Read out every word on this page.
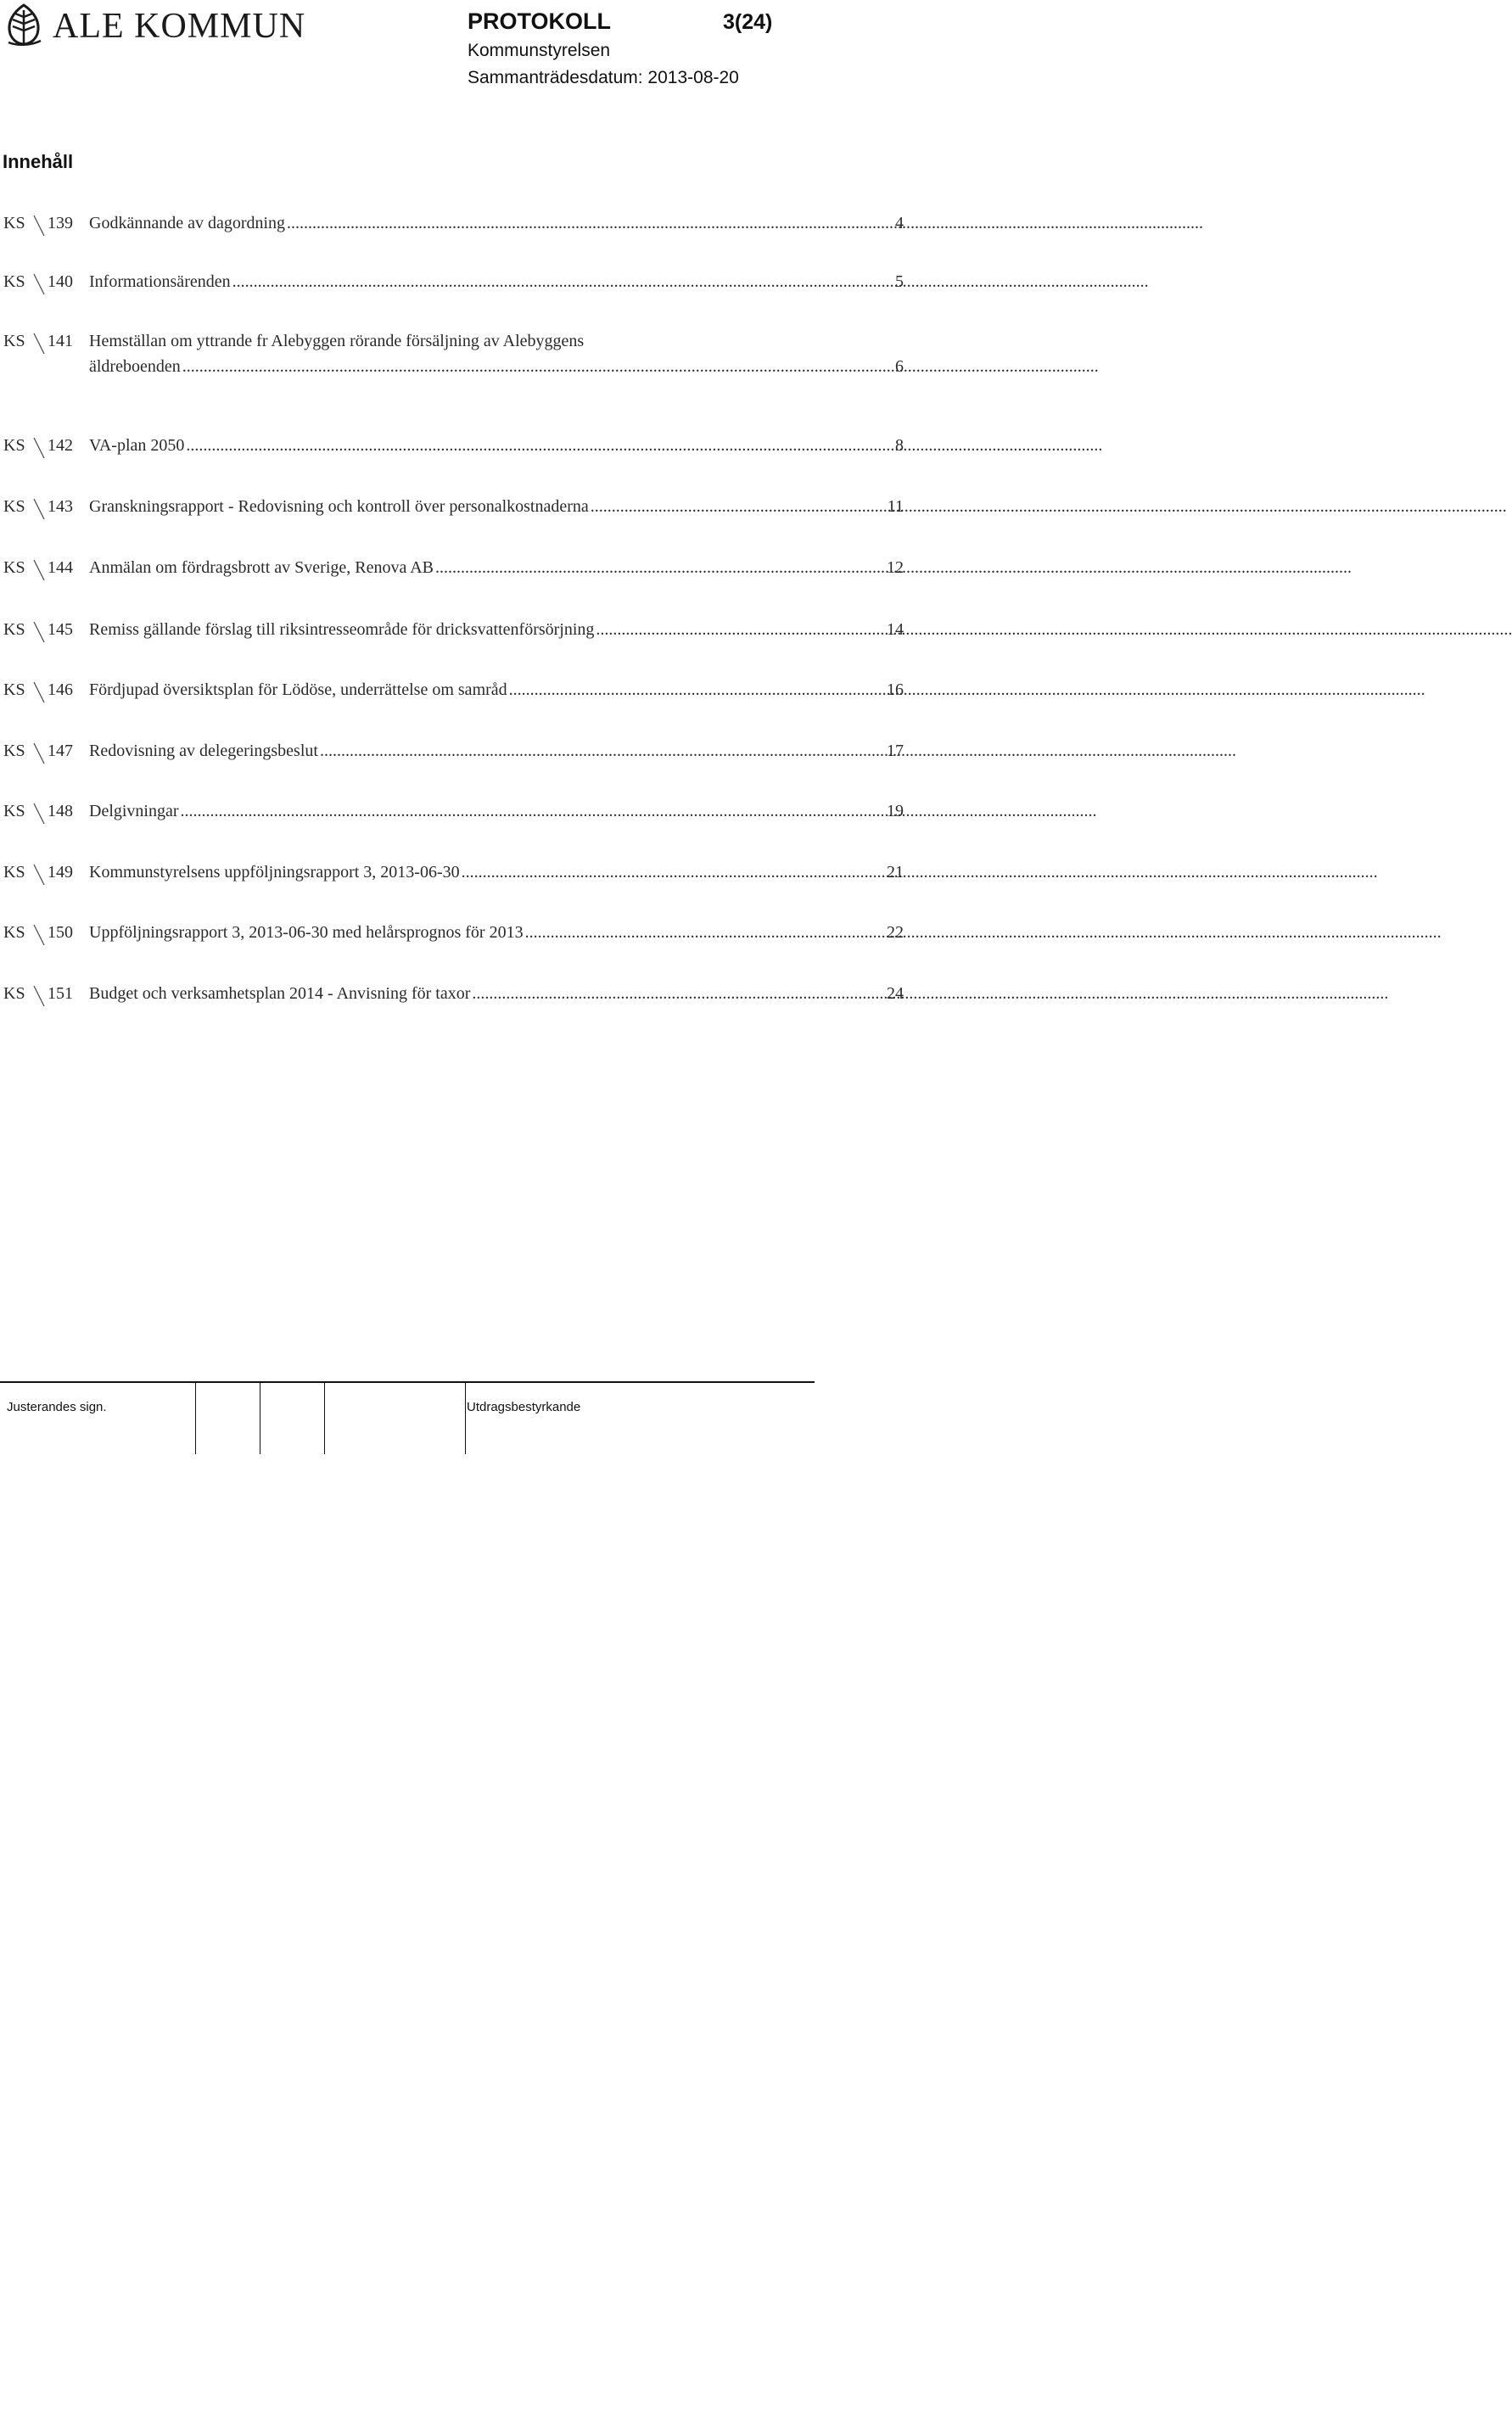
ALE KOMMUN	PROTOKOLL	3(24)
Kommunstyrelsen
Sammanträdesdatum: 2013-08-20
Innehåll
KS 139 Godkännande av dagordning .....	4
KS 140 Informationsärenden .....	5
KS 141 Hemställan om yttrande fr Alebyggen rörande försäljning av Alebyggens
äldreboenden .....	6
KS 142 VA-plan 2050 .....	8
KS 143 Granskningsrapport - Redovisning och kontroll över personalkostnaderna .....	11
KS 144 Anmälan om fördragsbrott av Sverige, Renova AB .....	12
KS 145 Remiss gällande förslag till riksintresseområde för dricksvattenförsörjning .....	14
KS 146 Fördjupad översiktsplan för Lödöse, underrättelse om samråd .....	16
KS 147 Redovisning av delegeringsbeslut .....	17
KS 148 Delgivningar .....	19
KS 149 Kommunstyrelsens uppföljningsrapport 3, 2013-06-30 .....	21
KS 150 Uppföljningsrapport 3, 2013-06-30 med helårsprognos för 2013 .....	22
KS 151 Budget och verksamhetsplan 2014 - Anvisning för taxor .....	24
Justerandes sign.	Utdragsbestyrkande
